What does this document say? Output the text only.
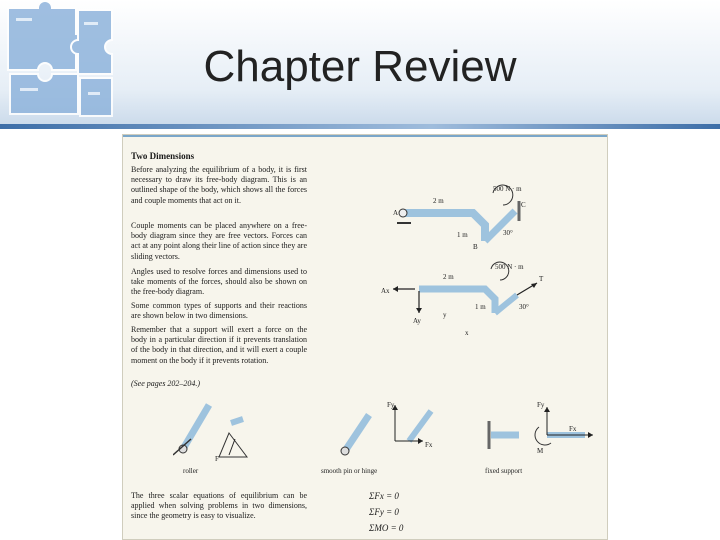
Chapter Review
Two Dimensions
Before analyzing the equilibrium of a body, it is first necessary to draw its free-body diagram. This is an outlined shape of the body, which shows all the forces and couple moments that act on it.
Couple moments can be placed anywhere on a free-body diagram since they are free vectors. Forces can act at any point along their line of action since they are sliding vectors.
Angles used to resolve forces and dimensions used to take moments of the forces, should also be shown on the free-body diagram.
Some common types of supports and their reactions are shown below in two dimensions.
Remember that a support will exert a force on the body in a particular direction if it prevents translation of the body in that direction, and it will exert a couple moment on the body if it prevents rotation.
(See pages 202–204.)
2 m
500 N · m
1 m	30°
A
B
C
2 m
500 N · m
T
1 m	30°
Ax
Ay
y
x
roller
F
Fy
Fx
smooth pin or hinge
Fy
Fx
M
fixed support
The three scalar equations of equilibrium can be applied when solving problems in two dimensions, since the geometry is easy to visualize.
ΣFx = 0
ΣFy = 0
ΣMO = 0
